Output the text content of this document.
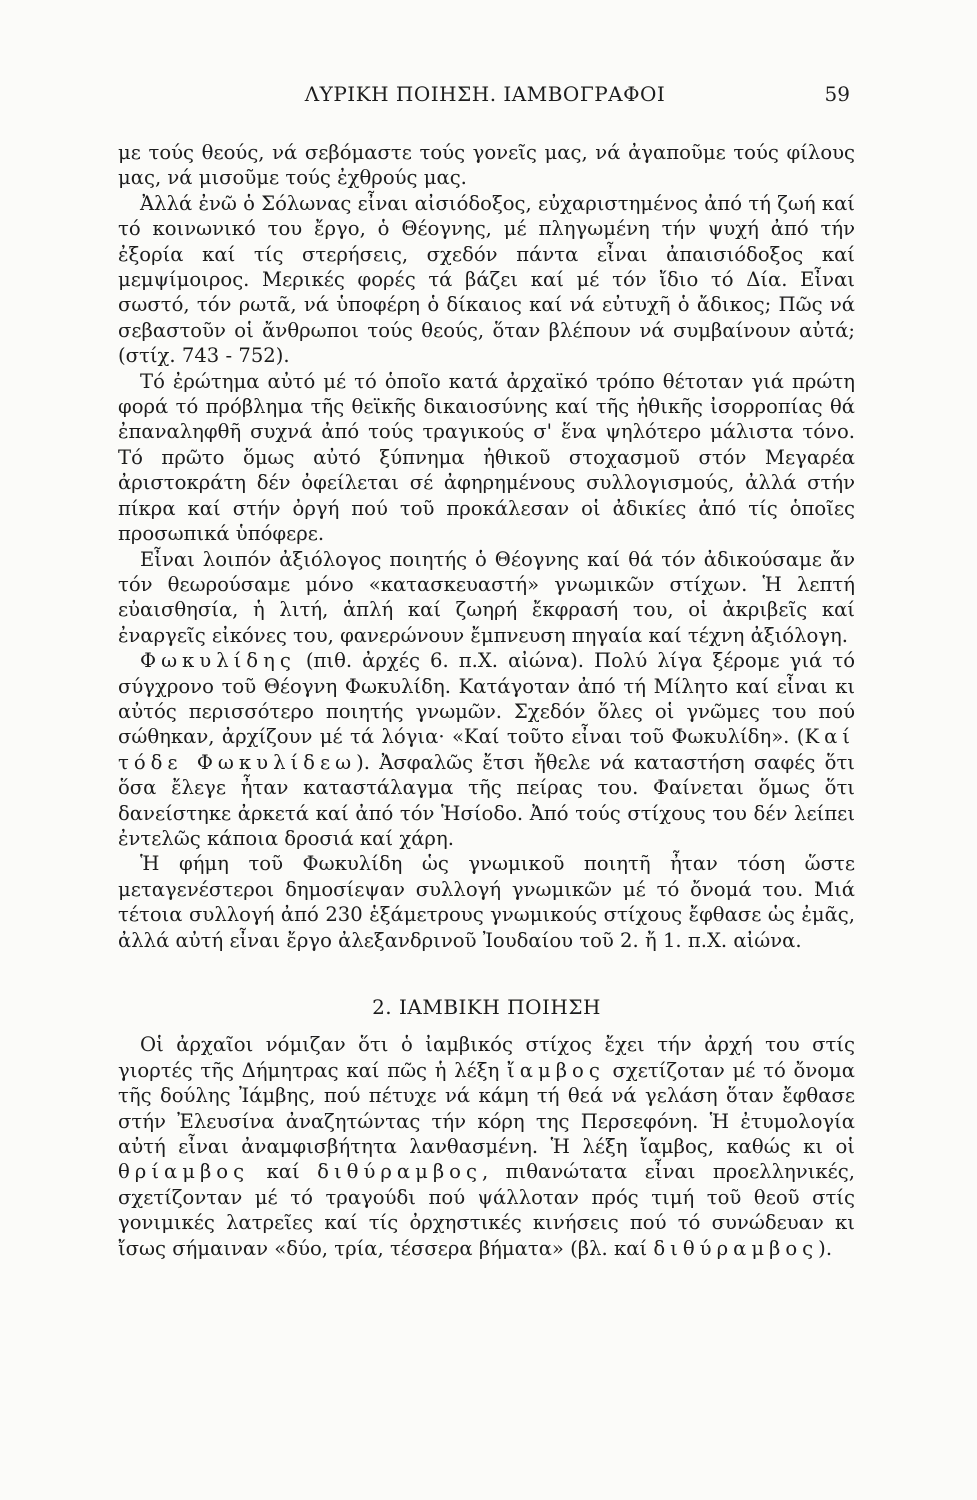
ΛΥΡΙΚΗ ΠΟΙΗΣΗ. ΙΑΜΒΟΓΡΑΦΟΙ	59

με τούς θεούς, νά σεβόμαστε τούς γονεῖς μας, νά ἀγαποῦμε τούς φίλους μας, νά μισοῦμε τούς ἐχθρούς μας.

Ἀλλά ἐνῶ ὁ Σόλωνας εἶναι αἰσιόδοξος, εὐχαριστημένος ἀπό τή ζωή καί τό κοινωνικό του ἔργο, ὁ Θέογνης, μέ πληγωμένη τήν ψυχή ἀπό τήν ἐξορία καί τίς στερήσεις, σχεδόν πάντα εἶναι ἀπαισιόδοξος καί μεμψίμοιρος. Μερικές φορές τά βάζει καί μέ τόν ἴδιο τό Δία. Εἶναι σωστό, τόν ρωτᾶ, νά ὑποφέρη ὁ δίκαιος καί νά εὐτυχῆ ὁ ἄδικος; Πῶς νά σεβαστοῦν οἱ ἄνθρωποι τούς θεούς, ὅταν βλέπουν νά συμβαίνουν αὐτά; (στίχ. 743 - 752).

Τό ἐρώτημα αὐτό μέ τό ὁποῖο κατά ἀρχαϊκό τρόπο θέτοταν γιά πρώτη φορά τό πρόβλημα τῆς θεϊκῆς δικαιοσύνης καί τῆς ἠθικῆς ἰσορροπίας θά ἐπαναληφθῆ συχνά ἀπό τούς τραγικούς σ' ἕνα ψηλότερο μάλιστα τόνο. Τό πρῶτο ὅμως αὐτό ξύπνημα ἠθικοῦ στοχασμοῦ στόν Μεγαρέα ἀριστοκράτη δέν ὀφείλεται σέ ἀφηρημένους συλλογισμούς, ἀλλά στήν πίκρα καί στήν ὀργή πού τοῦ προκάλεσαν οἱ ἀδικίες ἀπό τίς ὁποῖες προσωπικά ὑπόφερε.

Εἶναι λοιπόν ἀξιόλογος ποιητής ὁ Θέογνης καί θά τόν ἀδικούσαμε ἄν τόν θεωρούσαμε μόνο «κατασκευαστή» γνωμικῶν στίχων. Ἡ λεπτή εὐαισθησία, ἡ λιτή, ἁπλή καί ζωηρή ἔκφρασή του, οἱ ἀκριβεῖς καί ἐναργεῖς εἰκόνες του, φανερώνουν ἔμπνευση πηγαία καί τέχνη ἀξιόλογη.

Φωκυλίδης (πιθ. ἀρχές 6. π.Χ. αἰώνα). Πολύ λίγα ξέρομε γιά τό σύγχρονο τοῦ Θέογνη Φωκυλίδη. Κατάγοταν ἀπό τή Μίλητο καί εἶναι κι αὐτός περισσότερο ποιητής γνωμῶν. Σχεδόν ὅλες οἱ γνῶμες του πού σώθηκαν, ἀρχίζουν μέ τά λόγια· «Καί τοῦτο εἶναι τοῦ Φωκυλίδη». (Καί τόδε Φωκυλίδεω). Ἀσφαλῶς ἔτσι ἤθελε νά καταστήση σαφές ὅτι ὅσα ἔλεγε ἦταν καταστάλαγμα τῆς πείρας του. Φαίνεται ὅμως ὅτι δανείστηκε ἀρκετά καί ἀπό τόν Ἡσίοδο. Ἀπό τούς στίχους του δέν λείπει ἐντελῶς κάποια δροσιά καί χάρη.

Ἡ φήμη τοῦ Φωκυλίδη ὡς γνωμικοῦ ποιητῆ ἦταν τόση ὥστε μεταγενέστεροι δημοσίεψαν συλλογή γνωμικῶν μέ τό ὄνομά του. Μιά τέτοια συλλογή ἀπό 230 ἑξάμετρους γνωμικούς στίχους ἔφθασε ὡς ἐμᾶς, ἀλλά αὐτή εἶναι ἔργο ἀλεξανδρινοῦ Ἰουδαίου τοῦ 2. ἤ 1. π.Χ. αἰώνα.

2. ΙΑΜΒΙΚΗ ΠΟΙΗΣΗ

Οἱ ἀρχαῖοι νόμιζαν ὅτι ὁ ἰαμβικός στίχος ἔχει τήν ἀρχή του στίς γιορτές τῆς Δήμητρας καί πῶς ἡ λέξη ἴαμβος σχετίζοταν μέ τό ὄνομα τῆς δούλης Ἰάμβης, πού πέτυχε νά κάμη τή θεά νά γελάση ὅταν ἔφθασε στήν Ἐλευσίνα ἀναζητώντας τήν κόρη της Περσεφόνη. Ἡ ἐτυμολογία αὐτή εἶναι ἀναμφισβήτητα λανθασμένη. Ἡ λέξη ἴαμβος, καθώς κι οἱ θρίαμβος καί διθύραμβος, πιθανώτατα εἶναι προελληνικές, σχετίζονταν μέ τό τραγούδι πού ψάλλοταν πρός τιμή τοῦ θεοῦ στίς γονιμικές λατρεῖες καί τίς ὀρχηστικές κινήσεις πού τό συνώδευαν κι ἴσως σήμαιναν «δύο, τρία, τέσσερα βήματα» (βλ. καί διθύραμβος).
